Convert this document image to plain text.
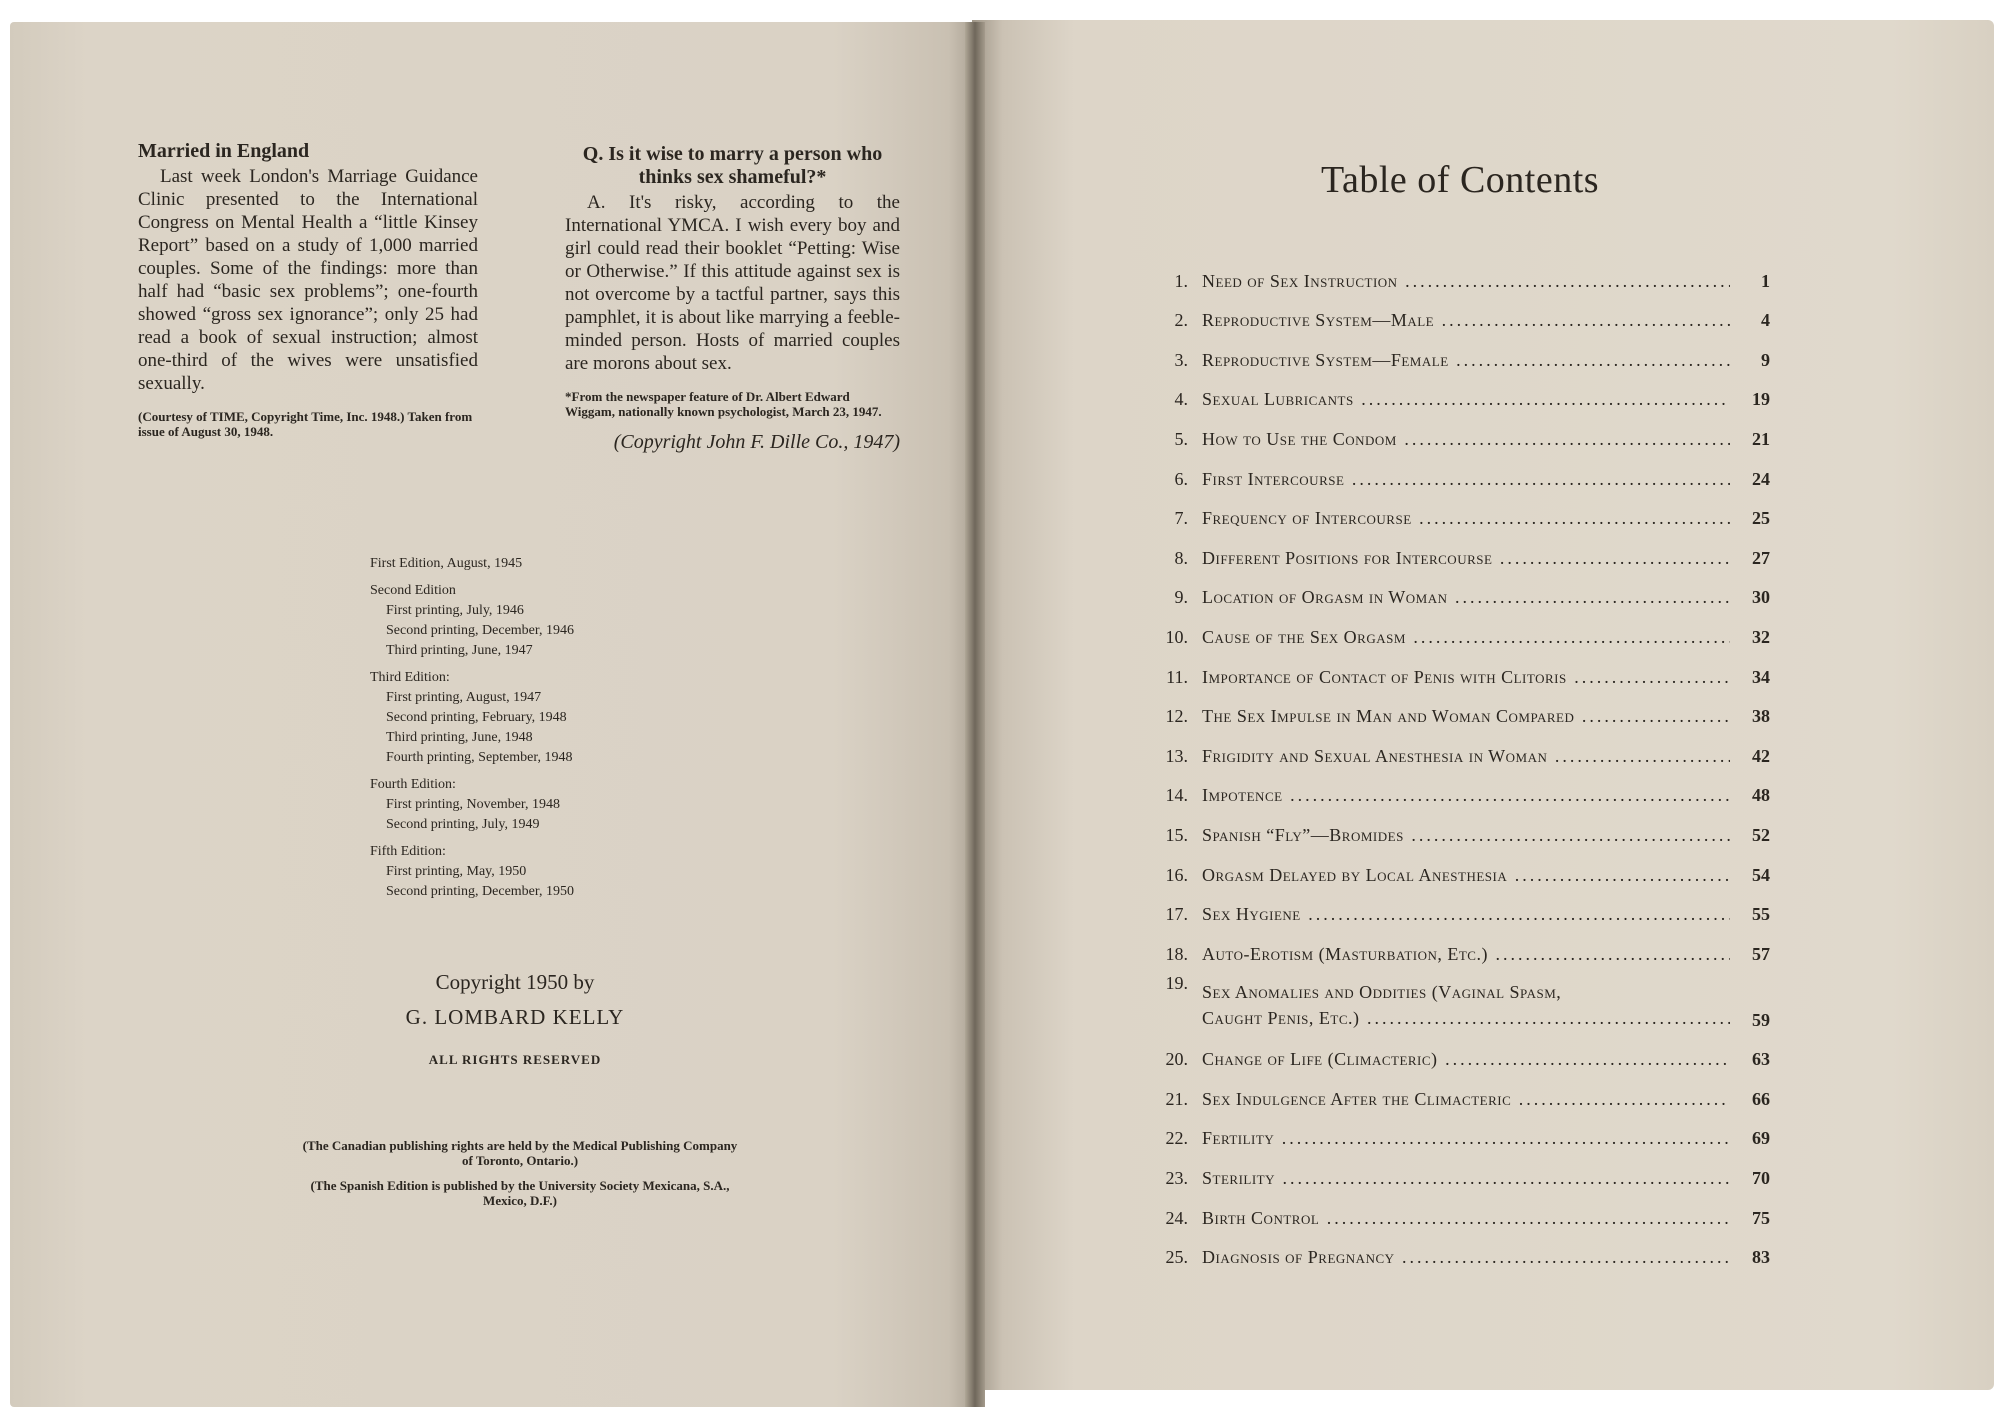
Married in England

Last week London's Marriage Guidance Clinic presented to the International Congress on Mental Health a “little Kinsey Report” based on a study of 1,000 married couples. Some of the findings: more than half had “basic sex problems”; one-fourth showed “gross sex ignorance”; only 25 had read a book of sexual instruction; almost one-third of the wives were unsatisfied sexually.

(Courtesy of TIME, Copyright Time, Inc. 1948.) Taken from issue of August 30, 1948.

Q. Is it wise to marry a person who thinks sex shameful?*

A. It's risky, according to the International YMCA. I wish every boy and girl could read their booklet “Petting: Wise or Otherwise.” If this attitude against sex is not overcome by a tactful partner, says this pamphlet, it is about like marrying a feeble-minded person. Hosts of married couples are morons about sex.

*From the newspaper feature of Dr. Albert Edward Wiggam, nationally known psychologist, March 23, 1947.

(Copyright John F. Dille Co., 1947)

First Edition, August, 1945
Second Edition
First printing, July, 1946
Second printing, December, 1946
Third printing, June, 1947
Third Edition:
First printing, August, 1947
Second printing, February, 1948
Third printing, June, 1948
Fourth printing, September, 1948
Fourth Edition:
First printing, November, 1948
Second printing, July, 1949
Fifth Edition:
First printing, May, 1950
Second printing, December, 1950
Copyright 1950 by
G. LOMBARD KELLY
ALL RIGHTS RESERVED
(The Canadian publishing rights are held by the Medical Publishing Company of Toronto, Ontario.)
(The Spanish Edition is published by the University Society Mexicana, S.A., Mexico, D.F.)
Table of Contents
1. Need of Sex Instruction .....	1
2. Reproductive System—Male .....	4
3. Reproductive System—Female .....	9
4. Sexual Lubricants .....	19
5. How to Use the Condom .....	21
6. First Intercourse .....	24
7. Frequency of Intercourse .....	25
8. Different Positions for Intercourse .....	27
9. Location of Orgasm in Woman .....	30
10. Cause of the Sex Orgasm .....	32
11. Importance of Contact of Penis with Clitoris .....	34
12. The Sex Impulse in Man and Woman Compared .....	38
13. Frigidity and Sexual Anesthesia in Woman .....	42
14. Impotence .....	48
15. Spanish “Fly”—Bromides .....	52
16. Orgasm Delayed by Local Anesthesia .....	54
17. Sex Hygiene .....	55
18. Auto-Erotism (Masturbation, Etc.) .....	57
19. Sex Anomalies and Oddities (Vaginal Spasm,
Caught Penis, Etc.) .....	59
20. Change of Life (Climacteric) .....	63
21. Sex Indulgence After the Climacteric .....	66
22. Fertility .....	69
23. Sterility .....	70
24. Birth Control .....	75
25. Diagnosis of Pregnancy .....	83
